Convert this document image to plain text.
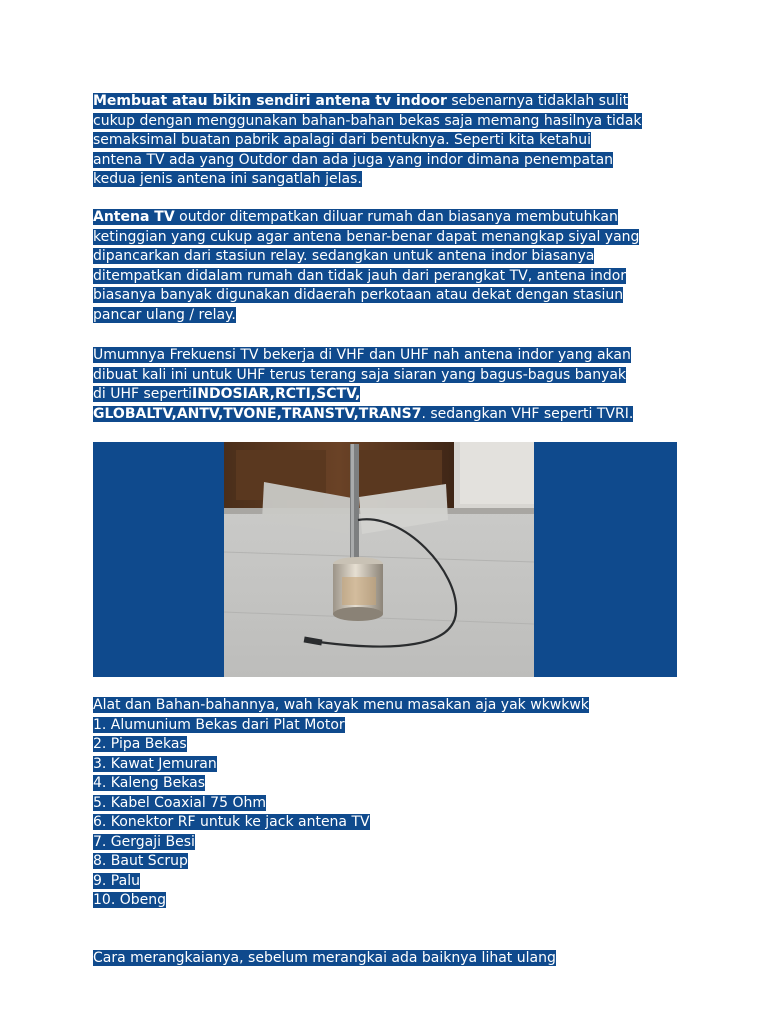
Membuat atau bikin sendiri antena tv indoor sebenarnya tidaklah sulit
cukup dengan menggunakan bahan-bahan bekas saja memang hasilnya tidak
semaksimal buatan pabrik apalagi dari bentuknya. Seperti kita ketahui
antena TV ada yang Outdor dan ada juga yang indor dimana penempatan
kedua jenis antena ini sangatlah jelas.
Antena TV outdor ditempatkan diluar rumah dan biasanya membutuhkan
ketinggian yang cukup agar antena benar-benar dapat menangkap siyal yang
dipancarkan dari stasiun relay. sedangkan untuk antena indor biasanya
ditempatkan didalam rumah dan tidak jauh dari perangkat TV, antena indor
biasanya banyak digunakan didaerah perkotaan atau dekat dengan stasiun
pancar ulang / relay.
Umumnya Frekuensi TV bekerja di VHF dan UHF nah antena indor yang akan
dibuat kali ini untuk UHF terus terang saja siaran yang bagus-bagus banyak
di UHF sepertiINDOSIAR,RCTI,SCTV,
GLOBALTV,ANTV,TVONE,TRANSTV,TRANS7. sedangkan VHF seperti TVRI.
Alat dan Bahan-bahannya, wah kayak menu masakan aja yak wkwkwk
1. Alumunium Bekas dari Plat Motor
2. Pipa Bekas
3. Kawat Jemuran
4. Kaleng Bekas
5. Kabel Coaxial 75 Ohm
6. Konektor RF untuk ke jack antena TV
7. Gergaji Besi
8. Baut Scrup
9. Palu
10. Obeng
Cara merangkaianya, sebelum merangkai ada baiknya lihat ulang
